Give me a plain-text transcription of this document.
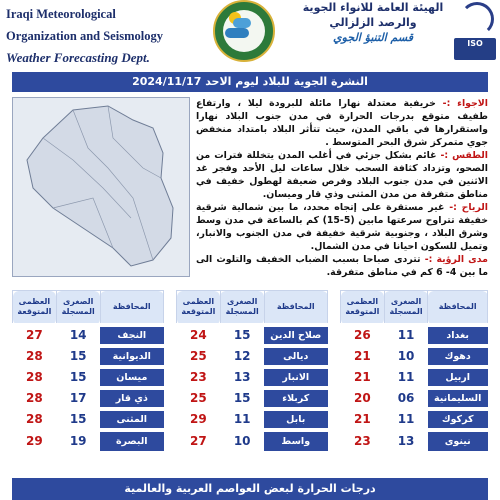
Iraqi Meteorological
Organization and Seismology
Weather Forecasting Dept.
الهيئة العامة للانواء الجوية
والرصد الزلزالي
قسم التنبؤ الجوي	ISO
النشرة الجوية للبلاد ليوم الاحد 2024/11/17

الاجواء :- خريفية معتدلة نهارا مائلة للبرودة ليلا ، وارتفاع طفيف متوقع بدرجات الحرارة في مدن جنوب البلاد نهارا واستقرارها في باقي المدن، حيث تتأثر البلاد بامتداد منخفض جوي متمركز شرق البحر المتوسط .

الطقس :- غائم بشكل جزئي في أغلب المدن يتخللة فترات من الصحو، وتزداد كثافة السحب خلال ساعات ليل الأحد وفجر غد الاثنين في مدن جنوب البلاد وفرص ضعيفة لهطول خفيف في مناطق متفرقة من مدن المثنى وذي قار وميسان.

الرياح :- غير مستقرة على إتجاه محدد، ما بين شمالية شرقية خفيفة تتراوح سرعتها مابين (5-15) كم بالساعة في مدن وسط وشرق البلاد ، وجنوبية شرقية خفيفة في مدن الجنوب والانبار، وتميل للسكون احيانا في مدن الشمال.

مدى الرؤية :- تتردى صباحا بسبب الضباب الخفيف والتلوث الى ما بين 4- 6 كم في مناطق متفرقة.

العظمى المتوقعة	الصغرى المسجلة	المحافظة
26	11	بغداد
21	10	دهوك
21	11	اربيل
20	06	السليمانية
21	11	كركوك
23	13	نينوى
العظمى المتوقعة	الصغرى المسجلة	المحافظة
24	15	صلاح الدين
25	12	ديالى
23	13	الانبار
25	15	كربلاء
29	11	بابل
27	10	واسط
العظمى المتوقعة	الصغرى المسجلة	المحافظة
27	14	النجف
28	15	الديوانية
28	15	ميسان
28	17	ذي قار
28	15	المثنى
29	19	البصرة
درجات الحرارة لبعض العواصم العربية والعالمية
